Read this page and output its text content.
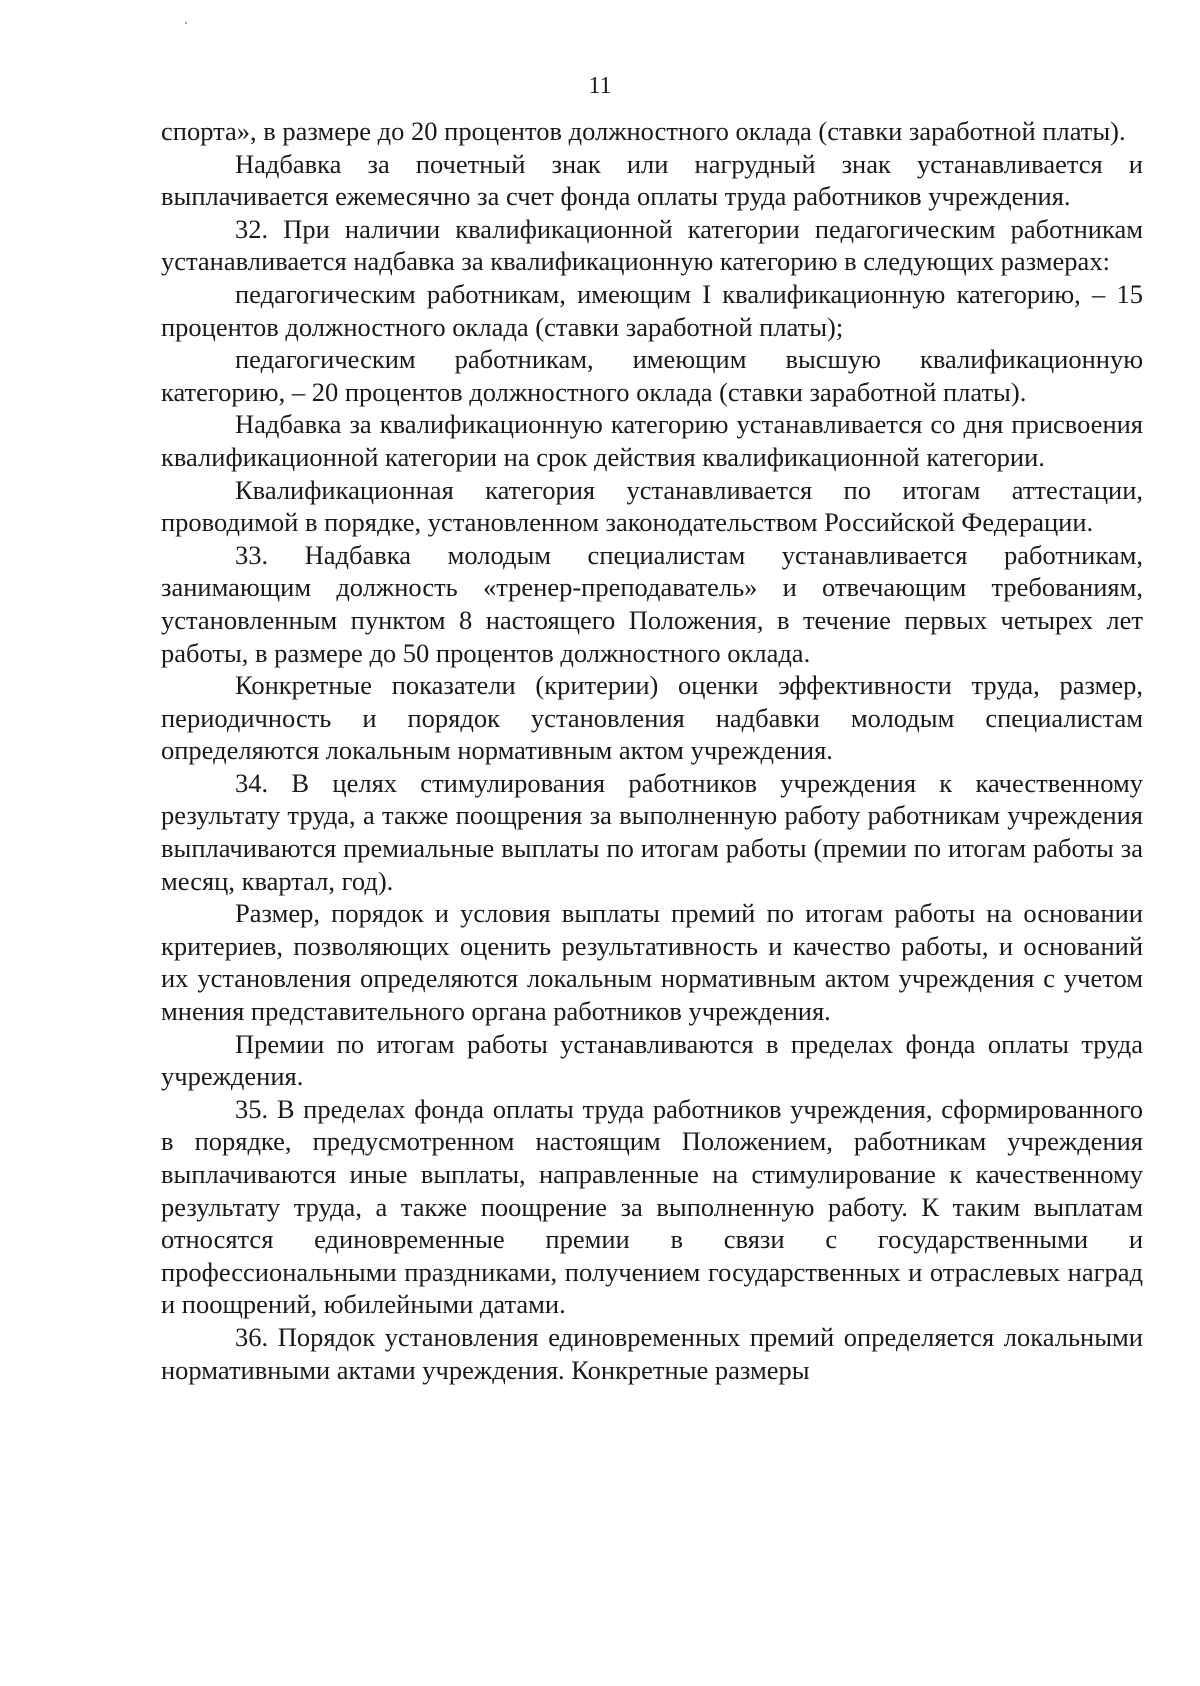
11

спорта», в размере до 20 процентов должностного оклада (ставки заработной платы).

Надбавка за почетный знак или нагрудный знак устанавливается и выплачивается ежемесячно за счет фонда оплаты труда работников учреждения.

32. При наличии квалификационной категории педагогическим работникам устанавливается надбавка за квалификационную категорию в следующих размерах:

педагогическим работникам, имеющим I квалификационную категорию, – 15 процентов должностного оклада (ставки заработной платы);

педагогическим работникам, имеющим высшую квалификационную категорию, – 20 процентов должностного оклада (ставки заработной платы).

Надбавка за квалификационную категорию устанавливается со дня присвоения квалификационной категории на срок действия квалификационной категории.

Квалификационная категория устанавливается по итогам аттестации, проводимой в порядке, установленном законодательством Российской Федерации.

33. Надбавка молодым специалистам устанавливается работникам, занимающим должность «тренер-преподаватель» и отвечающим требованиям, установленным пунктом 8 настоящего Положения, в течение первых четырех лет работы, в размере до 50 процентов должностного оклада.

Конкретные показатели (критерии) оценки эффективности труда, размер, периодичность и порядок установления надбавки молодым специалистам определяются локальным нормативным актом учреждения.

34. В целях стимулирования работников учреждения к качественному результату труда, а также поощрения за выполненную работу работникам учреждения выплачиваются премиальные выплаты по итогам работы (премии по итогам работы за месяц, квартал, год).

Размер, порядок и условия выплаты премий по итогам работы на основании критериев, позволяющих оценить результативность и качество работы, и оснований их установления определяются локальным нормативным актом учреждения с учетом мнения представительного органа работников учреждения.

Премии по итогам работы устанавливаются в пределах фонда оплаты труда учреждения.

35. В пределах фонда оплаты труда работников учреждения, сформированного в порядке, предусмотренном настоящим Положением, работникам учреждения выплачиваются иные выплаты, направленные на стимулирование к качественному результату труда, а также поощрение за выполненную работу. К таким выплатам относятся единовременные премии в связи с государственными и профессиональными праздниками, получением государственных и отраслевых наград и поощрений, юбилейными датами.

36. Порядок установления единовременных премий определяется локальными нормативными актами учреждения. Конкретные размеры
